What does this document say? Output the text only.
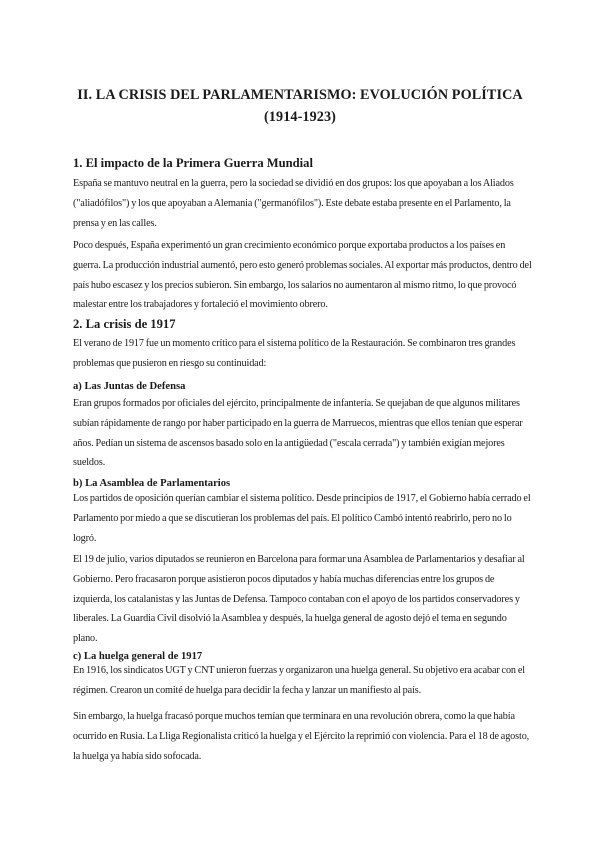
II. LA CRISIS DEL PARLAMENTARISMO: EVOLUCIÓN POLÍTICA
(1914-1923)

1. El impacto de la Primera Guerra Mundial

España se mantuvo neutral en la guerra, pero la sociedad se dividió en dos grupos: los que apoyaban a los Aliados ("aliadófilos") y los que apoyaban a Alemania ("germanófilos"). Este debate estaba presente en el Parlamento, la prensa y en las calles.

Poco después, España experimentó un gran crecimiento económico porque exportaba productos a los países en guerra. La producción industrial aumentó, pero esto generó problemas sociales. Al exportar más productos, dentro del país hubo escasez y los precios subieron. Sin embargo, los salarios no aumentaron al mismo ritmo, lo que provocó malestar entre los trabajadores y fortaleció el movimiento obrero.

2. La crisis de 1917

El verano de 1917 fue un momento crítico para el sistema político de la Restauración. Se combinaron tres grandes problemas que pusieron en riesgo su continuidad:

a) Las Juntas de Defensa

Eran grupos formados por oficiales del ejército, principalmente de infantería. Se quejaban de que algunos militares subían rápidamente de rango por haber participado en la guerra de Marruecos, mientras que ellos tenían que esperar años. Pedían un sistema de ascensos basado solo en la antigüedad ("escala cerrada") y también exigían mejores sueldos.

b) La Asamblea de Parlamentarios

Los partidos de oposición querían cambiar el sistema político. Desde principios de 1917, el Gobierno había cerrado el Parlamento por miedo a que se discutieran los problemas del país. El político Cambó intentó reabrirlo, pero no lo logró.

El 19 de julio, varios diputados se reunieron en Barcelona para formar una Asamblea de Parlamentarios y desafiar al Gobierno. Pero fracasaron porque asistieron pocos diputados y había muchas diferencias entre los grupos de izquierda, los catalanistas y las Juntas de Defensa. Tampoco contaban con el apoyo de los partidos conservadores y liberales. La Guardia Civil disolvió la Asamblea y después, la huelga general de agosto dejó el tema en segundo plano.

c) La huelga general de 1917

En 1916, los sindicatos UGT y CNT unieron fuerzas y organizaron una huelga general. Su objetivo era acabar con el régimen. Crearon un comité de huelga para decidir la fecha y lanzar un manifiesto al país.

Sin embargo, la huelga fracasó porque muchos temían que terminara en una revolución obrera, como la que había ocurrido en Rusia. La Lliga Regionalista criticó la huelga y el Ejército la reprimió con violencia. Para el 18 de agosto, la huelga ya había sido sofocada.
